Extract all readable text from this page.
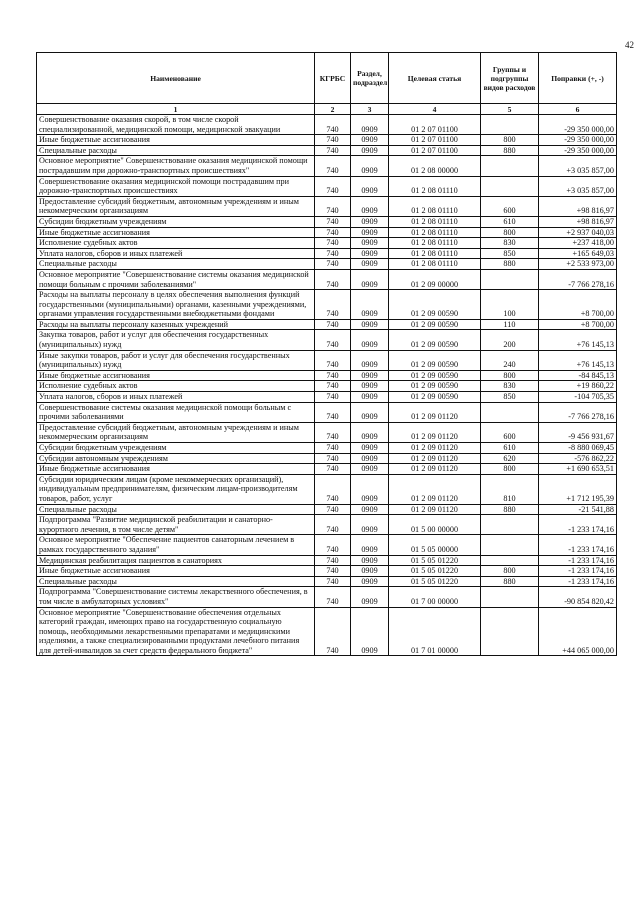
42
Наименование	КГРБС	Раздел, подраздел	Целевая статья	Группы и подгруппы видов расходов	Поправки (+, -)
1	2	3	4	5	6
Совершенствование оказания скорой, в том числе скорой специализированной, медицинской помощи, медицинской эвакуации	740	0909	01 2 07 01100		-29 350 000,00
Иные бюджетные ассигнования	740	0909	01 2 07 01100	800	-29 350 000,00
Специальные расходы	740	0909	01 2 07 01100	880	-29 350 000,00
Основное мероприятие" Совершенствование оказания медицинской помощи пострадавшим при дорожно-транспортных происшествиях"	740	0909	01 2 08 00000		+3 035 857,00
Совершенствование оказания медицинской помощи пострадавшим при дорожно-транспортных происшествиях	740	0909	01 2 08 01110		+3 035 857,00
Предоставление субсидий бюджетным, автономным учреждениям и иным некоммерческим организациям	740	0909	01 2 08 01110	600	+98 816,97
Субсидии бюджетным учреждениям	740	0909	01 2 08 01110	610	+98 816,97
Иные бюджетные ассигнования	740	0909	01 2 08 01110	800	+2 937 040,03
Исполнение судебных актов	740	0909	01 2 08 01110	830	+237 418,00
Уплата налогов, сборов и иных платежей	740	0909	01 2 08 01110	850	+165 649,03
Специальные расходы	740	0909	01 2 08 01110	880	+2 533 973,00
Основное мероприятие "Совершенствование системы оказания медицинской помощи больным с прочими заболеваниями"	740	0909	01 2 09 00000		-7 766 278,16
Расходы на выплаты персоналу в целях обеспечения выполнения функций государственными (муниципальными) органами, казенными учреждениями, органами управления государственными внебюджетными фондами	740	0909	01 2 09 00590	100	+8 700,00
Расходы на выплаты персоналу казенных учреждений	740	0909	01 2 09 00590	110	+8 700,00
Закупка товаров, работ и услуг для обеспечения государственных (муниципальных) нужд	740	0909	01 2 09 00590	200	+76 145,13
Иные закупки товаров, работ и услуг для обеспечения государственных (муниципальных) нужд	740	0909	01 2 09 00590	240	+76 145,13
Иные бюджетные ассигнования	740	0909	01 2 09 00590	800	-84 845,13
Исполнение судебных актов	740	0909	01 2 09 00590	830	+19 860,22
Уплата налогов, сборов и иных платежей	740	0909	01 2 09 00590	850	-104 705,35
Совершенствование системы оказания медицинской помощи больным с прочими заболеваниями	740	0909	01 2 09 01120		-7 766 278,16
Предоставление субсидий бюджетным, автономным учреждениям и иным некоммерческим организациям	740	0909	01 2 09 01120	600	-9 456 931,67
Субсидии бюджетным учреждениям	740	0909	01 2 09 01120	610	-8 880 069,45
Субсидии автономным учреждениям	740	0909	01 2 09 01120	620	-576 862,22
Иные бюджетные ассигнования	740	0909	01 2 09 01120	800	+1 690 653,51
Субсидии юридическим лицам (кроме некоммерческих организаций), индивидуальным предпринимателям, физическим лицам-производителям товаров, работ, услуг	740	0909	01 2 09 01120	810	+1 712 195,39
Специальные расходы	740	0909	01 2 09 01120	880	-21 541,88
Подпрограмма "Развитие медицинской реабилитации и санаторно-курортного лечения, в том числе детям"	740	0909	01 5 00 00000		-1 233 174,16
Основное мероприятие "Обеспечение пациентов санаторным лечением в рамках государственного задания"	740	0909	01 5 05 00000		-1 233 174,16
Медицинская реабилитация пациентов в санаториях	740	0909	01 5 05 01220		-1 233 174,16
Иные бюджетные ассигнования	740	0909	01 5 05 01220	800	-1 233 174,16
Специальные расходы	740	0909	01 5 05 01220	880	-1 233 174,16
Подпрограмма "Совершенствование системы лекарственного обеспечения, в том числе в амбулаторных условиях"	740	0909	01 7 00 00000		-90 854 820,42
Основное мероприятие "Совершенствование обеспечения отдельных категорий граждан, имеющих право на государственную социальную помощь, необходимыми лекарственными препаратами и медицинскими изделиями, а также специализированными продуктами лечебного питания для детей-инвалидов за счет средств федерального бюджета"	740	0909	01 7 01 00000		+44 065 000,00
